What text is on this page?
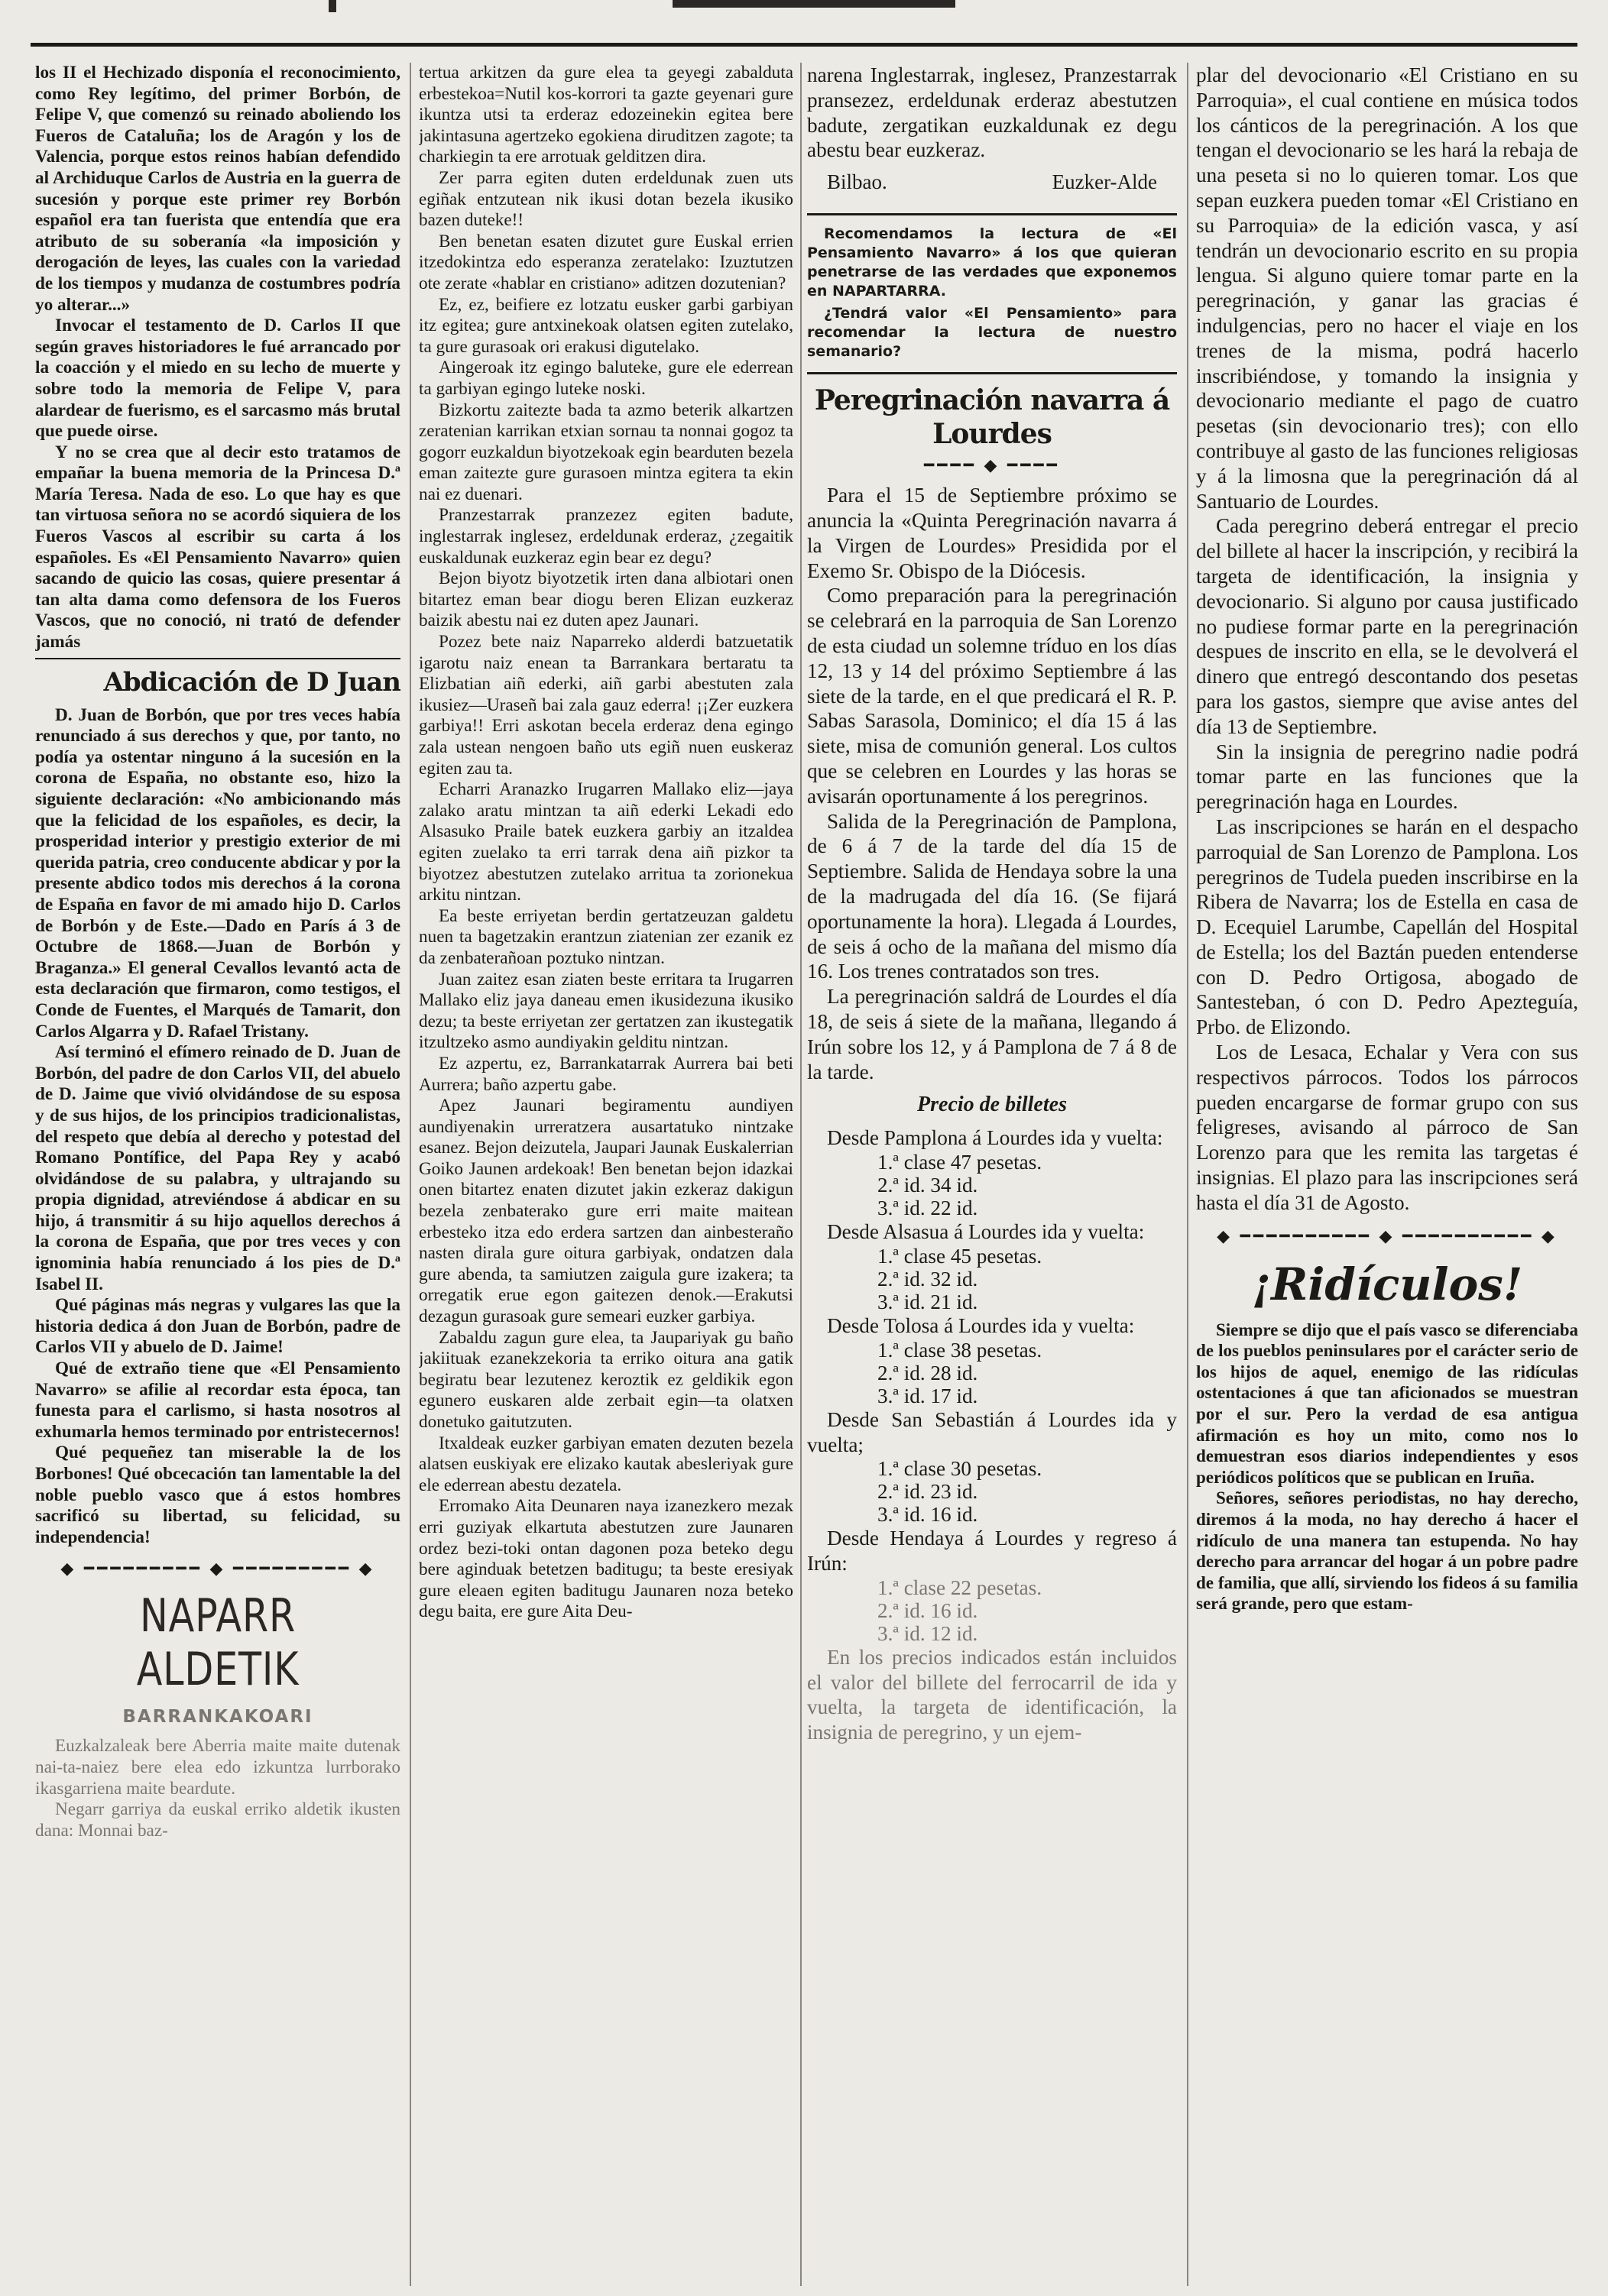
los II el Hechizado disponía el reconocimiento, como Rey legítimo, del primer Borbón, de Felipe V, que comenzó su reinado aboliendo los Fueros de Cataluña; los de Aragón y los de Valencia, porque estos reinos habían defendido al Archiduque Carlos de Austria en la guerra de sucesión y porque este primer rey Borbón español era tan fuerista que entendía que era atributo de su soberanía «la imposición y derogación de leyes, las cuales con la variedad de los tiempos y mudanza de costumbres podría yo alterar...»

Invocar el testamento de D. Carlos II que según graves historiadores le fué arrancado por la coacción y el miedo en su lecho de muerte y sobre todo la memoria de Felipe V, para alardear de fuerismo, es el sarcasmo más brutal que puede oirse.

Y no se crea que al decir esto tratamos de empañar la buena memoria de la Princesa D.ª María Teresa. Nada de eso. Lo que hay es que tan virtuosa señora no se acordó siquiera de los Fueros Vascos al escribir su carta á los españoles. Es «El Pensamiento Navarro» quien sacando de quicio las cosas, quiere presentar á tan alta dama como defensora de los Fueros Vascos, que no conoció, ni trató de defender jamás

Abdicación de D Juan

D. Juan de Borbón, que por tres veces había renunciado á sus derechos y que, por tanto, no podía ya ostentar ninguno á la sucesión en la corona de España, no obstante eso, hizo la siguiente declaración: «No ambicionando más que la felicidad de los españoles, es decir, la prosperidad interior y prestigio exterior de mi querida patria, creo conducente abdicar y por la presente abdico todos mis derechos á la corona de España en favor de mi amado hijo D. Carlos de Borbón y de Este.—Dado en París á 3 de Octubre de 1868.—Juan de Borbón y Braganza.» El general Cevallos levantó acta de esta declaración que firmaron, como testigos, el Conde de Fuentes, el Marqués de Tamarit, don Carlos Algarra y D. Rafael Tristany.

Así terminó el efímero reinado de D. Juan de Borbón, del padre de don Carlos VII, del abuelo de D. Jaime que vivió olvidándose de su esposa y de sus hijos, de los principios tradicionalistas, del respeto que debía al derecho y potestad del Romano Pontífice, del Papa Rey y acabó olvidándose de su palabra, y ultrajando su propia dignidad, atreviéndose á abdicar en su hijo, á transmitir á su hijo aquellos derechos á la corona de España, que por tres veces y con ignominia había renunciado á los pies de D.ª Isabel II.

Qué páginas más negras y vulgares las que la historia dedica á don Juan de Borbón, padre de Carlos VII y abuelo de D. Jaime!

Qué de extraño tiene que «El Pensamiento Navarro» se afilie al recordar esta época, tan funesta para el carlismo, si hasta nosotros al exhumarla hemos terminado por entristecernos!

Qué pequeñez tan miserable la de los Borbones! Qué obcecación tan lamentable la del noble pueblo vasco que á estos hombres sacrificó su libertad, su felicidad, su independencia!

◆ ━━━━━━━━━ ◆ ━━━━━━━━━ ◆
NAPARR ALDETIK
BARRANKAKOARI

Euzkalzaleak bere Aberria maite maite dutenak nai-ta-naiez bere elea edo izkuntza lurrborako ikasgarriena maite beardute.

Negarr garriya da euskal erriko aldetik ikusten dana: Monnai baz-

tertua arkitzen da gure elea ta geyegi zabalduta erbestekoa=Nutil kos-korrori ta gazte geyenari gure ikuntza utsi ta erderaz edozeinekin egitea bere jakintasuna agertzeko egokiena diruditzen zagote; ta charkiegin ta ere arrotuak gelditzen dira.

Zer parra egiten duten erdeldunak zuen uts egiñak entzutean nik ikusi dotan bezela ikusiko bazen duteke!!

Ben benetan esaten dizutet gure Euskal errien itzedokintza edo esperanza zeratelako: Izuztutzen ote zerate «hablar en cristiano» aditzen dozutenian?

Ez, ez, beifiere ez lotzatu eusker garbi garbiyan itz egitea; gure antxinekoak olatsen egiten zutelako, ta gure gurasoak ori erakusi digutelako.

Aingeroak itz egingo baluteke, gure ele ederrean ta garbiyan egingo luteke noski.

Bizkortu zaitezte bada ta azmo beterik alkartzen zeratenian karrikan etxian sornau ta nonnai gogoz ta gogorr euzkaldun biyotzekoak egin bearduten bezela eman zaitezte gure gurasoen mintza egitera ta ekin nai ez duenari.

Pranzestarrak pranzezez egiten badute, inglestarrak inglesez, erdeldunak erderaz, ¿zegaitik euskaldunak euzkeraz egin bear ez degu?

Bejon biyotz biyotzetik irten dana albiotari onen bitartez eman bear diogu beren Elizan euzkeraz baizik abestu nai ez duten apez Jaunari.

Pozez bete naiz Naparreko alderdi batzuetatik igarotu naiz enean ta Barrankara bertaratu ta Elizbatian aiñ ederki, aiñ garbi abestuten zala ikusiez—Uraseñ bai zala gauz ederra! ¡¡Zer euzkera garbiya!! Erri askotan becela erderaz dena egingo zala ustean nengoen baño uts egiñ nuen euskeraz egiten zau ta.

Echarri Aranazko Irugarren Mallako eliz—jaya zalako aratu mintzan ta aiñ ederki Lekadi edo Alsasuko Praile batek euzkera garbiy an itzaldea egiten zuelako ta erri tarrak dena aiñ pizkor ta biyotzez abestutzen zutelako arritua ta zorionekua arkitu nintzan.

Ea beste erriyetan berdin gertatzeuzan galdetu nuen ta bagetzakin erantzun ziatenian zer ezanik ez da zenbaterañoan poztuko nintzan.

Juan zaitez esan ziaten beste erritara ta Irugarren Mallako eliz jaya daneau emen ikusidezuna ikusiko dezu; ta beste erriyetan zer gertatzen zan ikustegatik itzultzeko asmo aundiyakin gelditu nintzan.

Ez azpertu, ez, Barrankatarrak Aurrera bai beti Aurrera; baño azpertu gabe.

Apez Jaunari begiramentu aundiyen aundiyenakin urreratzera ausartatuko nintzake esanez. Bejon deizutela, Jaupari Jaunak Euskalerrian Goiko Jaunen ardekoak! Ben benetan bejon idazkai onen bitartez enaten dizutet jakin ezkeraz dakigun bezela zenbaterako gure erri maite maitean erbesteko itza edo erdera sartzen dan ainbesteraño nasten dirala gure oitura garbiyak, ondatzen dala gure abenda, ta samiutzen zaigula gure izakera; ta orregatik erue egon gaitezen denok.—Erakutsi dezagun gurasoak gure semeari euzker garbiya.

Zabaldu zagun gure elea, ta Jaupariyak gu baño jakiituak ezanekzekoria ta erriko oitura ana gatik begiratu bear lezutenez keroztik ez geldikik egon egunero euskaren alde zerbait egin—ta olatxen donetuko gaitutzuten.

Itxaldeak euzker garbiyan ematen dezuten bezela alatsen euskiyak ere elizako kautak abesleriyak gure ele ederrean abestu dezatela.

Erromako Aita Deunaren naya izanezkero mezak erri guziyak elkartuta abestutzen zure Jaunaren ordez bezi-toki ontan dagonen poza beteko degu bere aginduak betetzen baditugu; ta beste eresiyak gure eleaen egiten baditugu Jaunaren noza beteko degu baita, ere gure Aita Deu-

narena Inglestarrak, inglesez, Pranzestarrak pransezez, erdeldunak erderaz abestutzen badute, zergatikan euzkaldunak ez degu abestu bear euzkeraz.

Bilbao.	Euzker-Alde

Recomendamos la lectura de «El Pensamiento Navarro» á los que quieran penetrarse de las verdades que exponemos en NAPARTARRA.

¿Tendrá valor «El Pensamiento» para recomendar la lectura de nuestro semanario?

Peregrinación navarra á Lourdes
━━━━ ◆ ━━━━

Para el 15 de Septiembre próximo se anuncia la «Quinta Peregrinación navarra á la Virgen de Lourdes» Presidida por el Exemo Sr. Obispo de la Diócesis.

Como preparación para la peregrinación se celebrará en la parroquia de San Lorenzo de esta ciudad un solemne tríduo en los días 12, 13 y 14 del próximo Septiembre á las siete de la tarde, en el que predicará el R. P. Sabas Sarasola, Dominico; el día 15 á las siete, misa de comunión general. Los cultos que se celebren en Lourdes y las horas se avisarán oportunamente á los peregrinos.

Salida de la Peregrinación de Pamplona, de 6 á 7 de la tarde del día 15 de Septiembre. Salida de Hendaya sobre la una de la madrugada del día 16. (Se fijará oportunamente la hora). Llegada á Lourdes, de seis á ocho de la mañana del mismo día 16. Los trenes contratados son tres.

La peregrinación saldrá de Lourdes el día 18, de seis á siete de la mañana, llegando á Irún sobre los 12, y á Pamplona de 7 á 8 de la tarde.

Precio de billetes

Desde Pamplona á Lourdes ida y vuelta:

1.ª clase 47 pesetas.
2.ª id. 34 id.
3.ª id. 22 id.

Desde Alsasua á Lourdes ida y vuelta:

1.ª clase 45 pesetas.
2.ª id. 32 id.
3.ª id. 21 id.

Desde Tolosa á Lourdes ida y vuelta:

1.ª clase 38 pesetas.
2.ª id. 28 id.
3.ª id. 17 id.

Desde San Sebastián á Lourdes ida y vuelta;

1.ª clase 30 pesetas.
2.ª id. 23 id.
3.ª id. 16 id.

Desde Hendaya á Lourdes y regreso á Irún:

1.ª clase 22 pesetas.
2.ª id. 16 id.
3.ª id. 12 id.

En los precios indicados están incluidos el valor del billete del ferrocarril de ida y vuelta, la targeta de identificación, la insignia de peregrino, y un ejem-

plar del devocionario «El Cristiano en su Parroquia», el cual contiene en música todos los cánticos de la peregrinación. A los que tengan el devocionario se les hará la rebaja de una peseta si no lo quieren tomar. Los que sepan euzkera pueden tomar «El Cristiano en su Parroquia» de la edición vasca, y así tendrán un devocionario escrito en su propia lengua. Si alguno quiere tomar parte en la peregrinación, y ganar las gracias é indulgencias, pero no hacer el viaje en los trenes de la misma, podrá hacerlo inscribiéndose, y tomando la insignia y devocionario mediante el pago de cuatro pesetas (sin devocionario tres); con ello contribuye al gasto de las funciones religiosas y á la limosna que la peregrinación dá al Santuario de Lourdes.

Cada peregrino deberá entregar el precio del billete al hacer la inscripción, y recibirá la targeta de identificación, la insignia y devocionario. Si alguno por causa justificado no pudiese formar parte en la peregrinación despues de inscrito en ella, se le devolverá el dinero que entregó descontando dos pesetas para los gastos, siempre que avise antes del día 13 de Septiembre.

Sin la insignia de peregrino nadie podrá tomar parte en las funciones que la peregrinación haga en Lourdes.

Las inscripciones se harán en el despacho parroquial de San Lorenzo de Pamplona. Los peregrinos de Tudela pueden inscribirse en la Ribera de Navarra; los de Estella en casa de D. Ecequiel Larumbe, Capellán del Hospital de Estella; los del Baztán pueden entenderse con D. Pedro Ortigosa, abogado de Santesteban, ó con D. Pedro Apezteguía, Prbo. de Elizondo.

Los de Lesaca, Echalar y Vera con sus respectivos párrocos. Todos los párrocos pueden encargarse de formar grupo con sus feligreses, avisando al párroco de San Lorenzo para que les remita las targetas é insignias. El plazo para las inscripciones será hasta el día 31 de Agosto.

◆ ━━━━━━━━━━ ◆ ━━━━━━━━━━ ◆
¡Ridículos!

Siempre se dijo que el país vasco se diferenciaba de los pueblos peninsulares por el carácter serio de los hijos de aquel, enemigo de las ridículas ostentaciones á que tan aficionados se muestran por el sur. Pero la verdad de esa antigua afirmación es hoy un mito, como nos lo demuestran esos diarios independientes y esos periódicos políticos que se publican en Iruña.

Señores, señores periodistas, no hay derecho, diremos á la moda, no hay derecho á hacer el ridículo de una manera tan estupenda. No hay derecho para arrancar del hogar á un pobre padre de familia, que allí, sirviendo los fideos á su familia será grande, pero que estam-
